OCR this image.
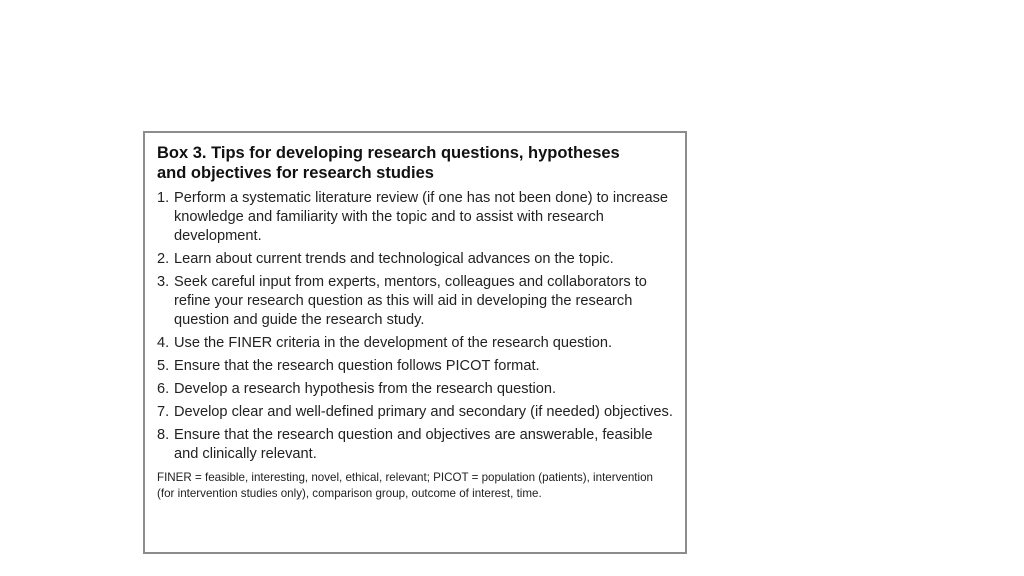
Box 3. Tips for developing research questions, hypotheses
and objectives for research studies
1. Perform a systematic literature review (if one has not been done) to increase knowledge and familiarity with the topic and to assist with research development.
2. Learn about current trends and technological advances on the topic.
3. Seek careful input from experts, mentors, colleagues and collaborators to refine your research question as this will aid in developing the research question and guide the research study.
4. Use the FINER criteria in the development of the research question.
5. Ensure that the research question follows PICOT format.
6. Develop a research hypothesis from the research question.
7. Develop clear and well-defined primary and secondary (if needed) objectives.
8. Ensure that the research question and objectives are answerable, feasible and clinically relevant.
FINER = feasible, interesting, novel, ethical, relevant; PICOT = population (patients), intervention (for intervention studies only), comparison group, outcome of interest, time.
